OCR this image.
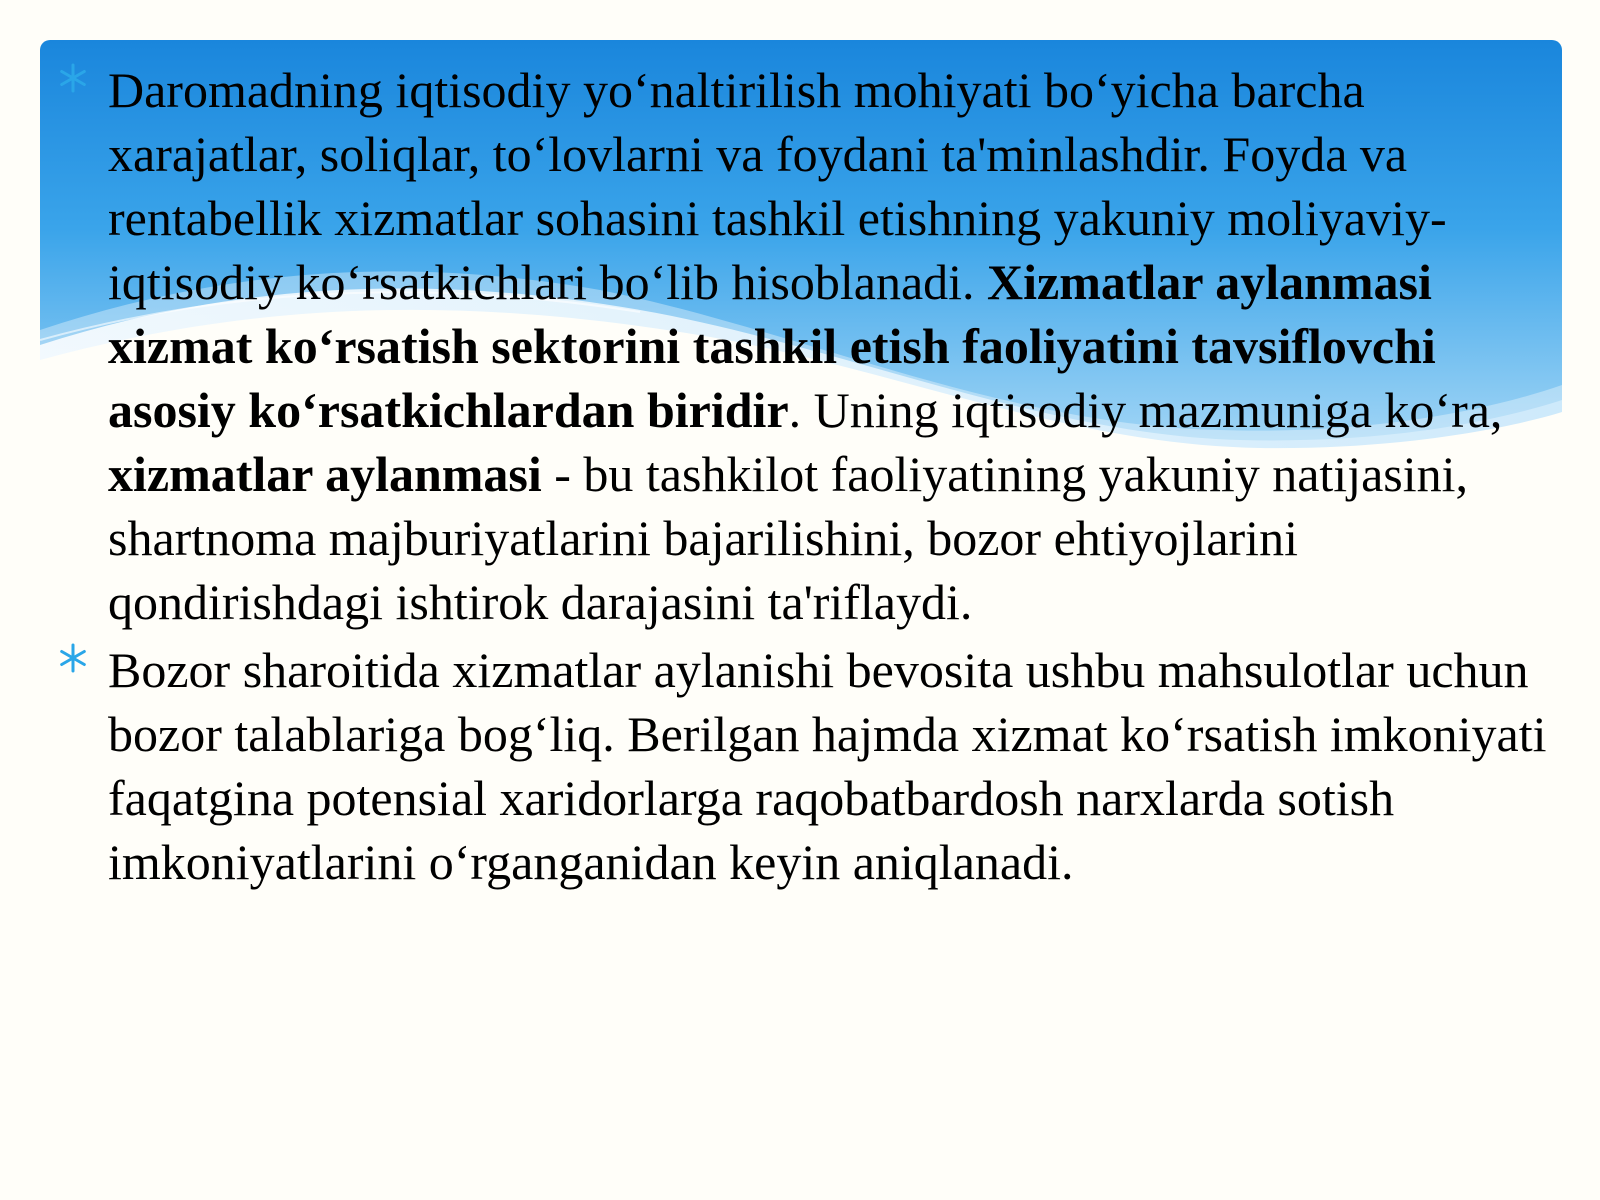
Daromadning iqtisodiy yo‘naltirilish mohiyati bo‘yicha barcha xarajatlar, soliqlar, to‘lovlarni va foydani ta'minlashdir. Foyda va rentabellik xizmatlar sohasini tashkil etishning yakuniy moliyaviy-iqtisodiy ko‘rsatkichlari bo‘lib hisoblanadi. Xizmatlar aylanmasi xizmat ko‘rsatish sektorini tashkil etish faoliyatini tavsiflovchi asosiy ko‘rsatkichlardan biridir. Uning iqtisodiy mazmuniga ko‘ra, xizmatlar aylanmasi - bu tashkilot faoliyatining yakuniy natijasini, shartnoma majburiyatlarini bajarilishini, bozor ehtiyojlarini qondirishdagi ishtirok darajasini ta'riflaydi.
Bozor sharoitida xizmatlar aylanishi bevosita ushbu mahsulotlar uchun bozor talablariga bog‘liq. Berilgan hajmda xizmat ko‘rsatish imkoniyati faqatgina potensial xaridorlarga raqobatbardosh narxlarda sotish imkoniyatlarini o‘rganganidan keyin aniqlanadi.
